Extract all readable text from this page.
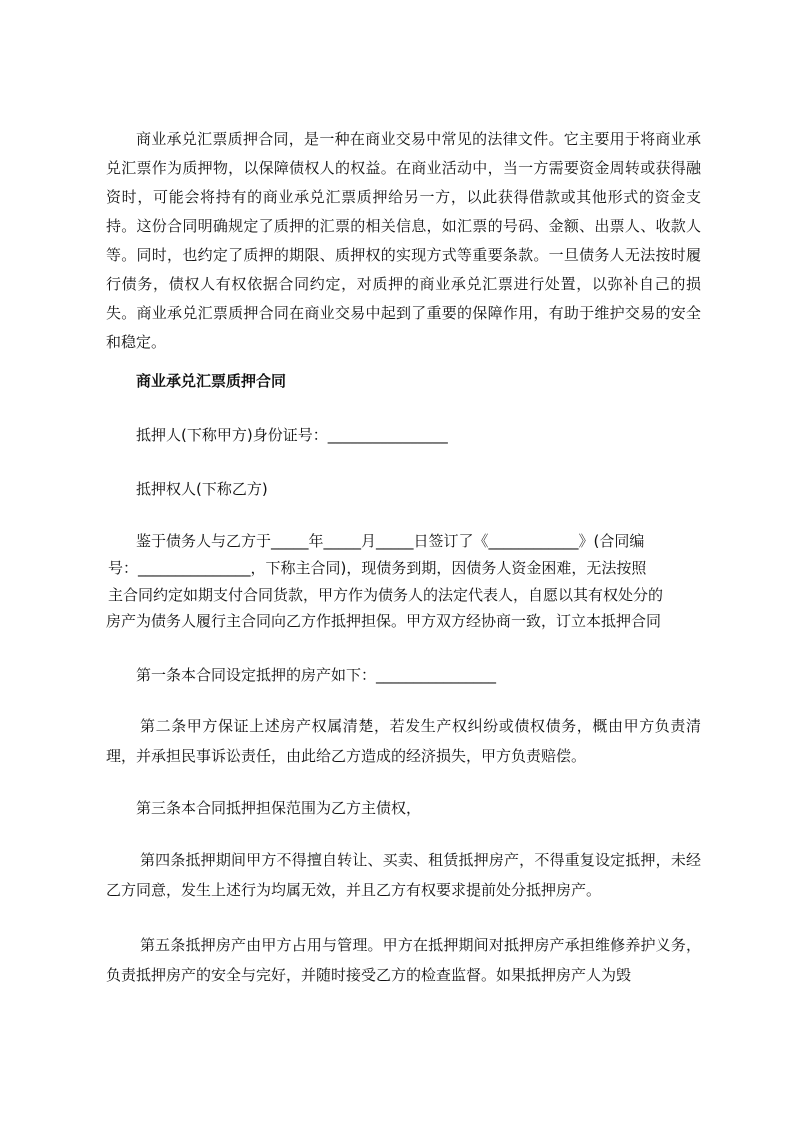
商业承兑汇票质押合同，是一种在商业交易中常见的法律文件。它主要用于将商业承兑汇票作为质押物，以保障债权人的权益。在商业活动中，当一方需要资金周转或获得融资时，可能会将持有的商业承兑汇票质押给另一方，以此获得借款或其他形式的资金支持。这份合同明确规定了质押的汇票的相关信息，如汇票的号码、金额、出票人、收款人等。同时，也约定了质押的期限、质押权的实现方式等重要条款。一旦债务人无法按时履行债务，债权人有权依据合同约定，对质押的商业承兑汇票进行处置，以弥补自己的损失。商业承兑汇票质押合同在商业交易中起到了重要的保障作用，有助于维护交易的安全和稳定。

商业承兑汇票质押合同

抵押人(下称甲方)身份证号：________________

抵押权人(下称乙方)

鉴于债务人与乙方于_____年_____月_____日签订了《____________》(合同编

号：_______________，下称主合同)，现债务到期，因债务人资金困难，无法按照

主合同约定如期支付合同货款，甲方作为债务人的法定代表人，自愿以其有权处分的

房产为债务人履行主合同向乙方作抵押担保。甲方双方经协商一致，订立本抵押合同

第一条本合同设定抵押的房产如下：________________

第二条甲方保证上述房产权属清楚，若发生产权纠纷或债权债务，概由甲方负责清理，并承担民事诉讼责任，由此给乙方造成的经济损失，甲方负责赔偿。

第三条本合同抵押担保范围为乙方主债权，

第四条抵押期间甲方不得擅自转让、买卖、租赁抵押房产，不得重复设定抵押，未经乙方同意，发生上述行为均属无效，并且乙方有权要求提前处分抵押房产。

第五条抵押房产由甲方占用与管理。甲方在抵押期间对抵押房产承担维修养护义务，负责抵押房产的安全与完好，并随时接受乙方的检查监督。如果抵押房产人为毁
